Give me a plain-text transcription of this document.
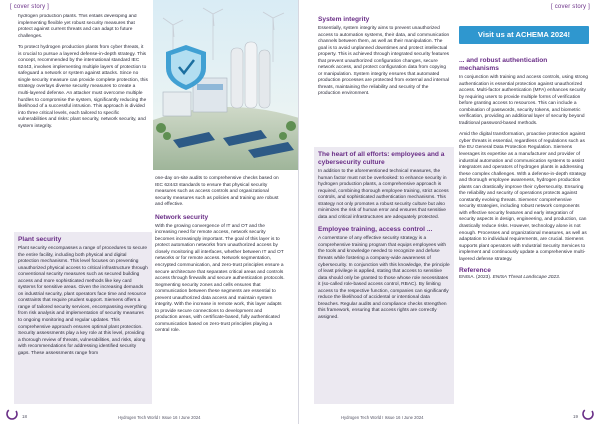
[ cover story ]

hydrogen production plants. This entails developing and implementing flexible yet robust security measures that protect against current threats and can adapt to future challenges.

To protect hydrogen production plants from cyber threats, it is crucial to pursue a layered defense-in-depth strategy. This concept, recommended by the international standard IEC 62443, involves implementing multiple layers of protection to safeguard a network or system against attacks. Since no single security measure can provide complete protection, this strategy overlays diverse security measures to create a multi-layered defense. An attacker must overcome multiple hurdles to compromise the system, significantly reducing the likelihood of a successful intrusion. This approach is divided into three critical levels, each tailored to specific vulnerabilities and risks: plant security, network security, and system integrity.

Plant security

Plant security encompasses a range of procedures to secure the entire facility, including both physical and digital protection mechanisms. This level focuses on preventing unauthorized physical access to critical infrastructure through conventional security measures such as secured building access and more sophisticated methods like key card systems for sensitive areas. Given the increasing demands on industrial security, plant operators face time and resource constraints that require prudent support. Siemens offers a range of tailored security services, encompassing everything from risk analysis and implementation of security measures to ongoing monitoring and regular updates. This comprehensive approach ensures optimal plant protection. Security assessments play a key role at this level, providing a thorough review of threats, vulnerabilities, and risks, along with recommendations for addressing identified security gaps. These assessments range from

one-day on-site audits to comprehensive checks based on IEC 62443 standards to ensure that physical security measures such as access controls and organizational security measures such as policies and training are robust and effective.

Network security

With the growing convergence of IT and OT and the increasing need for remote access, network security becomes increasingly important. The goal of this layer is to protect automation networks from unauthorized access by closely monitoring all interfaces, whether between IT and OT networks or for remote access. Network segmentation, encrypted communication, and zero-trust principles ensure a secure architecture that separates critical areas and controls access through firewalls and secure authentication protocols. Segmenting security zones and cells ensures that communication between these segments are essential to prevent unauthorized data access and maintain system integrity. With the increase in remote work, this layer adapts to provide secure connections to development and production areas, with certificate-based, fully authenticated communication based on zero-trust principles playing a central role.

18	Hydrogen Tech World I Issue 16 I June 2024
[ cover story ]
System integrity

Essentially, system integrity aims to prevent unauthorized access to automation systems, their data, and communication channels between them, as well as their manipulation. The goal is to avoid unplanned downtimes and protect intellectual property. This is achieved through integrated security features that prevent unauthorized configuration changes, secure network access, and protect configuration data from copying or manipulation. System integrity ensures that automated production processes are protected from external and internal threats, maintaining the reliability and security of the production environment.

The heart of all efforts: employees and a cybersecurity culture

In addition to the aforementioned technical measures, the human factor must not be overlooked: to enhance security in hydrogen production plants, a comprehensive approach is required, combining thorough employee training, strict access controls, and sophisticated authentication mechanisms. This strategy not only promotes a robust security culture but also minimizes the risk of human error and ensures that sensitive data and critical infrastructures are adequately protected.

Employee training, access control ...

A cornerstone of any effective security strategy is a comprehensive training program that equips employees with the tools and knowledge needed to recognize and defuse threats while fostering a company-wide awareness of cybersecurity. In conjunction with this knowledge, the principle of least privilege is applied, stating that access to sensitive data should only be granted to those whose role necessitates it (so-called role-based access control, RBAC). By limiting access to the respective function, companies can significantly reduce the likelihood of accidental or intentional data breaches. Regular audits and compliance checks strengthen this framework, ensuring that access rights are correctly assigned.

Visit us at ACHEMA 2024!
... and robust authentication mechanisms

In conjunction with training and access controls, using strong authentication is essential protection against unauthorized access. Multi-factor authentication (MFA) enhances security by requiring users to provide multiple forms of verification before granting access to resources. This can include a combination of passwords, security tokens, and biometric verification, providing an additional layer of security beyond traditional password-based methods.

Amid the digital transformation, proactive protection against cyber threats is essential, regardless of regulations such as the EU General Data Protection Regulation. Siemens leverages its expertise as a manufacturer and provider of industrial automation and communication systems to assist integrators and operators of hydrogen plants in addressing these complex challenges. With a defense-in-depth strategy and thorough employee awareness, hydrogen production plants can drastically improve their cybersecurity. Ensuring the reliability and security of operations protects against constantly evolving threats. Siemens' comprehensive security strategies, including robust network components with effective security features and early integration of security aspects in design, engineering, and production, can drastically reduce risks. However, technology alone is not enough. Processes and organizational measures, as well as adaptation to individual requirements, are crucial. Siemens supports plant operators with Industrial Security Services to implement and continuously update a comprehensive multi-layered defense strategy.

Reference
ENISA. (2023). ENISA Threat Landscape 2023.
Hydrogen Tech World I Issue 16 I June 2024	19
